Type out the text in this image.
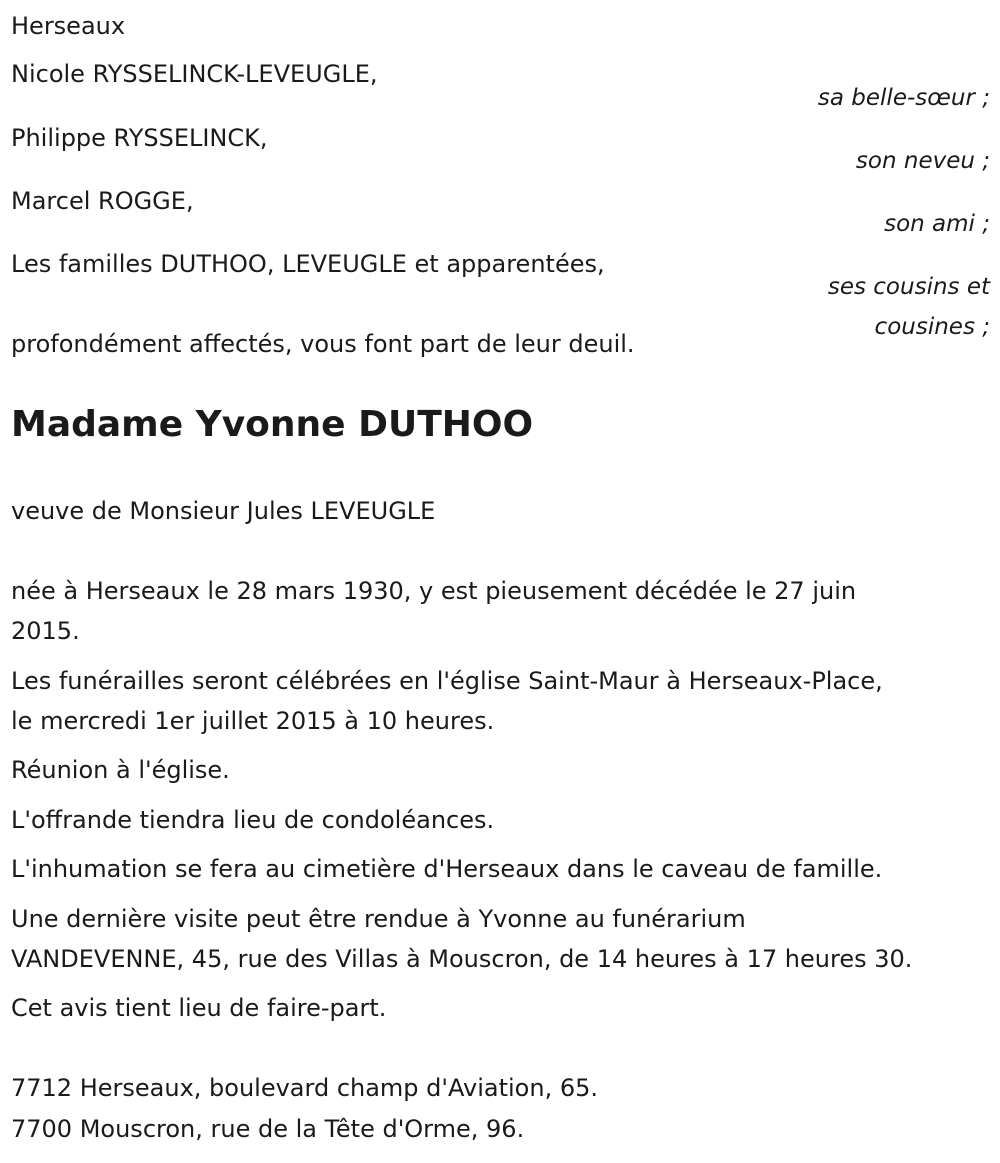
Herseaux
Nicole RYSSELINCK-LEVEUGLE,
sa belle-sœur ;
Philippe RYSSELINCK,
son neveu ;
Marcel ROGGE,
son ami ;
Les familles DUTHOO, LEVEUGLE et apparentées,
ses cousins et
cousines ;
profondément affectés, vous font part de leur deuil.
Madame Yvonne DUTHOO
veuve de Monsieur Jules LEVEUGLE
née à Herseaux le 28 mars 1930, y est pieusement décédée le 27 juin
2015.
Les funérailles seront célébrées en l'église Saint-Maur à Herseaux-Place,
le mercredi 1er juillet 2015 à 10 heures.
Réunion à l'église.
L'offrande tiendra lieu de condoléances.
L'inhumation se fera au cimetière d'Herseaux dans le caveau de famille.
Une dernière visite peut être rendue à Yvonne au funérarium
VANDEVENNE, 45, rue des Villas à Mouscron, de 14 heures à 17 heures 30.
Cet avis tient lieu de faire-part.
7712 Herseaux, boulevard champ d'Aviation, 65.
7700 Mouscron, rue de la Tête d'Orme, 96.
